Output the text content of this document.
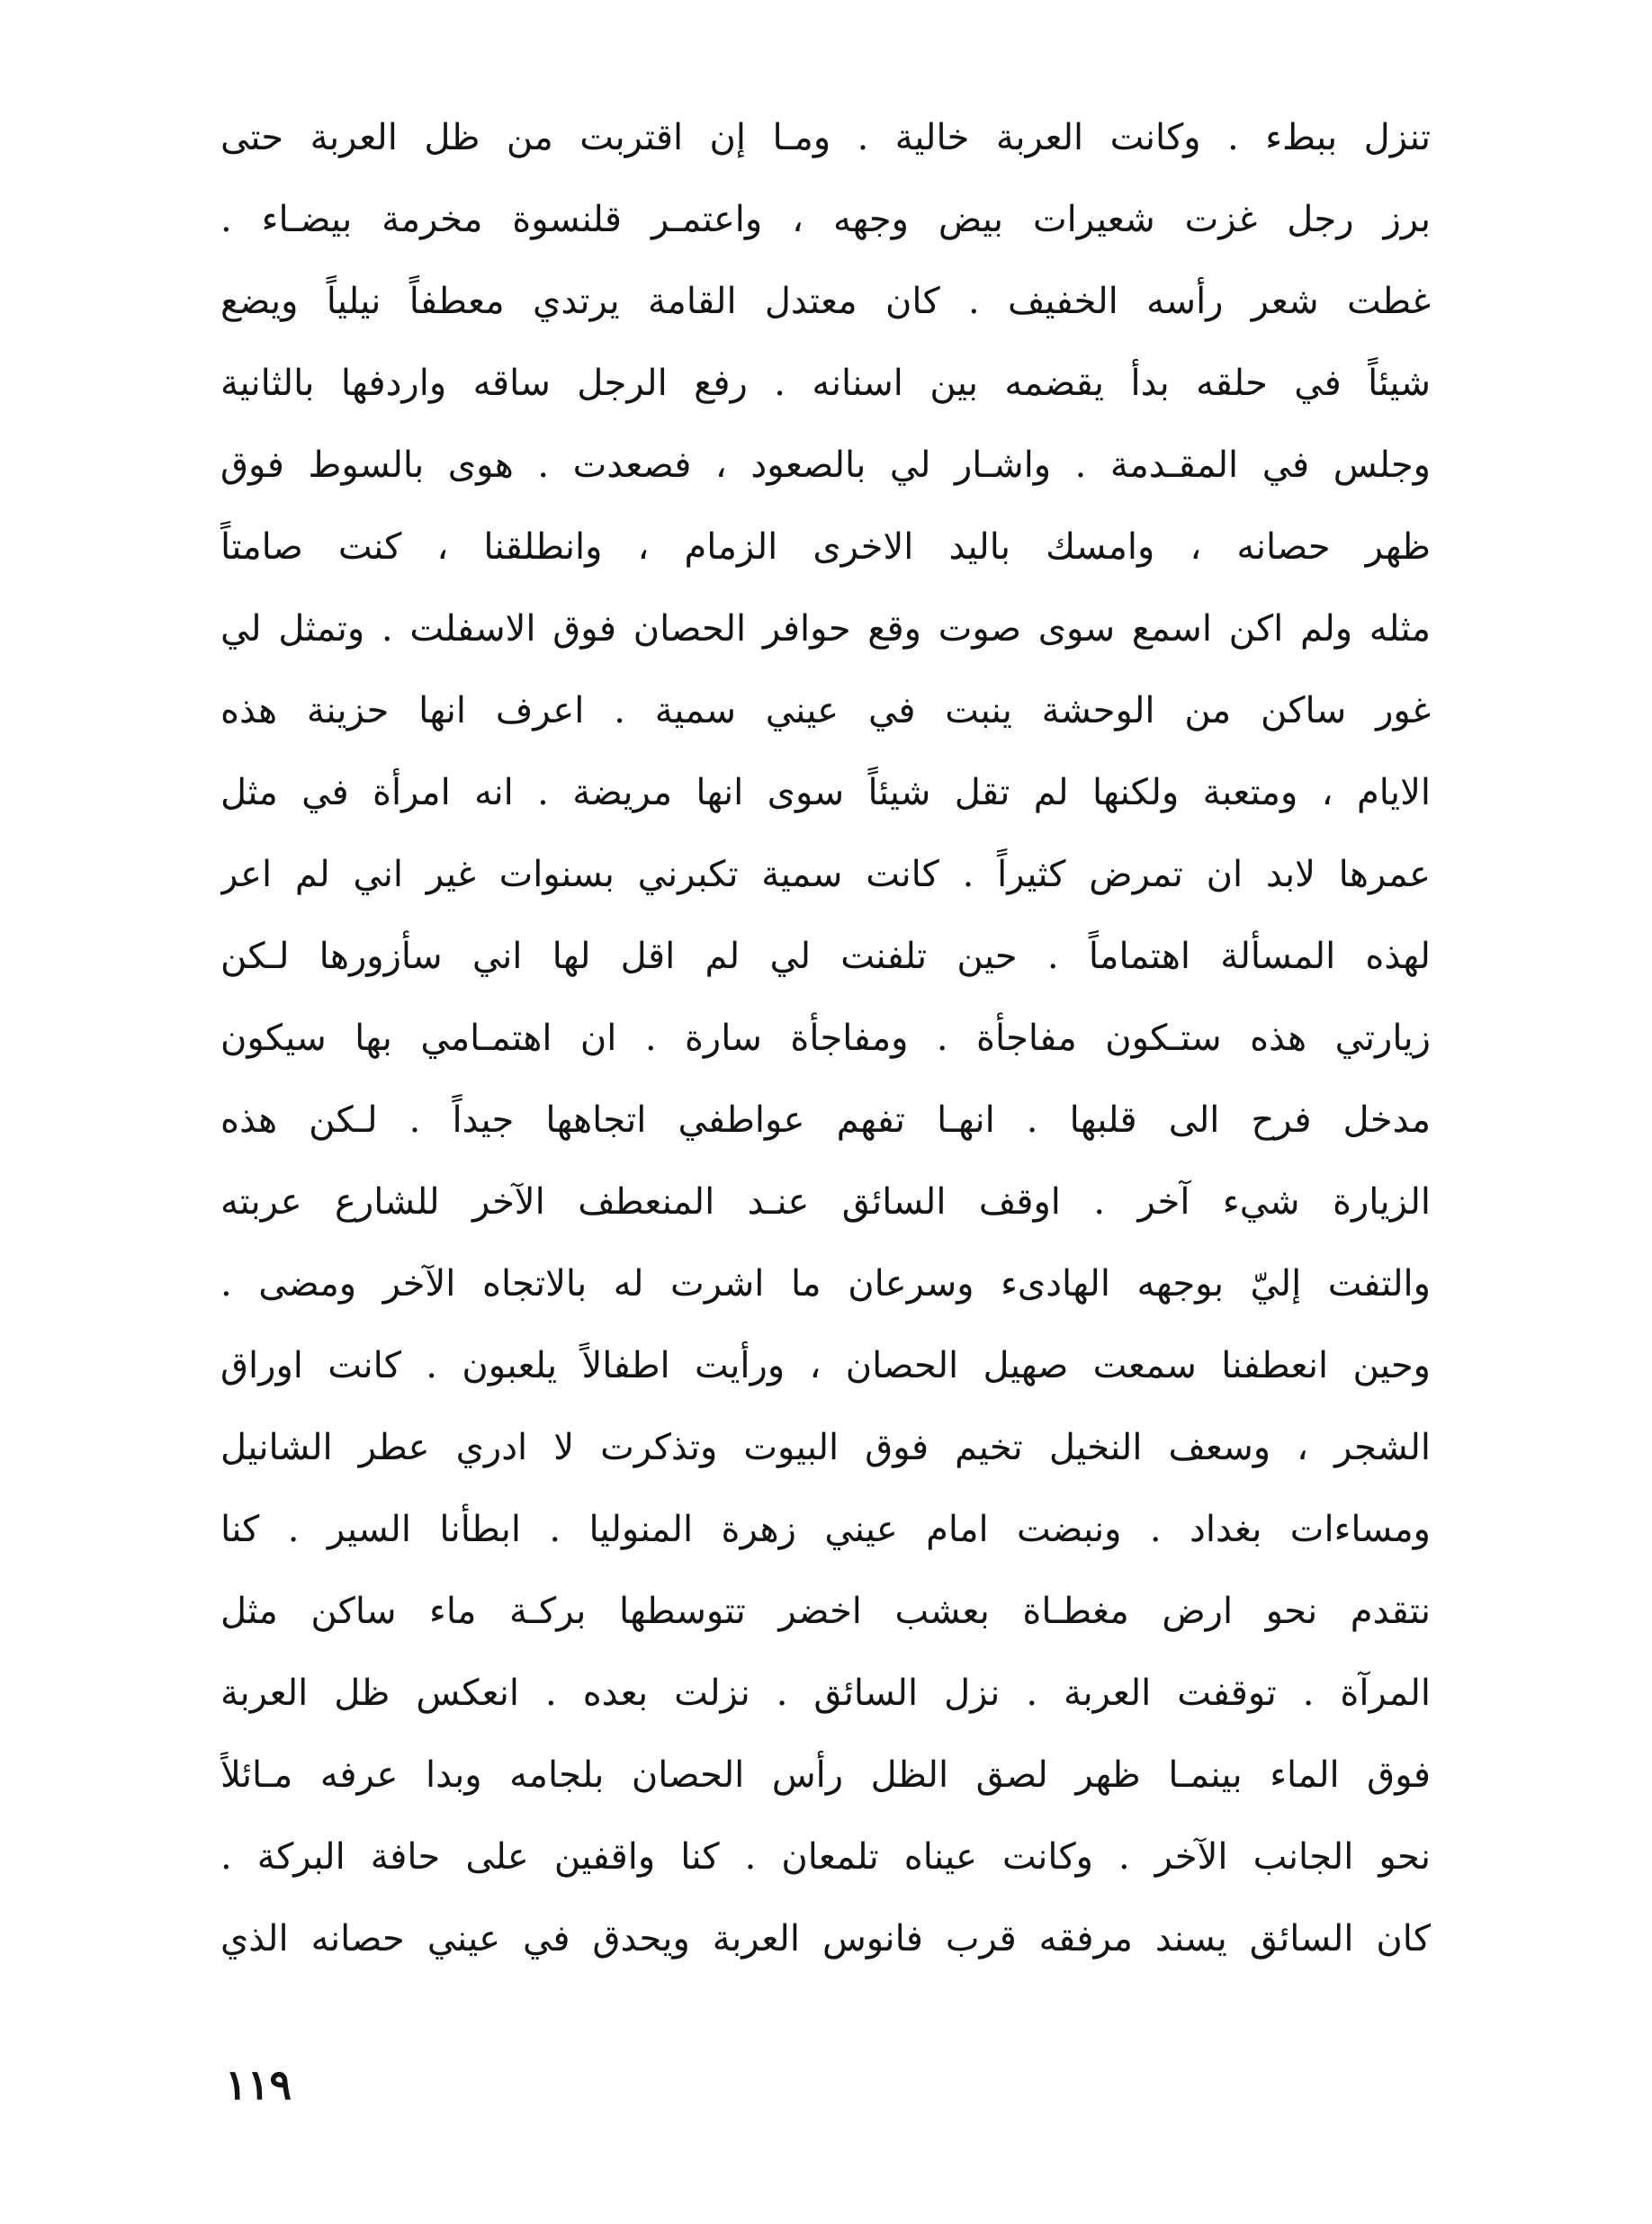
تنزل ببطء . وكانت العربة خالية . ومـا إن اقتربت من ظل العربة حتى
برز رجل غزت شعيرات بيض وجهه ، واعتمـر قلنسوة مخرمة بيضـاء .
غطت شعر رأسه الخفيف . كان معتدل القامة يرتدي معطفاً نيلياً ويضع
شيئاً في حلقه بدأ يقضمه بين اسنانه . رفع الرجل ساقه واردفها بالثانية
وجلس في المقـدمة . واشـار لي بالصعود ، فصعدت . هوى بالسوط فوق
ظهر حصانه ، وامسك باليد الاخرى الزمام ، وانطلقنا ، كنت صامتاً
مثله ولم اكن اسمع سوى صوت وقع حوافر الحصان فوق الاسفلت . وتمثل لي
غور ساكن من الوحشة ينبت في عيني سمية . اعرف انها حزينة هذه
الايام ، ومتعبة ولكنها لم تقل شيئاً سوى انها مريضة . انه امرأة في مثل
عمرها لابد ان تمرض كثيراً . كانت سمية تكبرني بسنوات غير اني لم اعر
لهذه المسألة اهتماماً . حين تلفنت لي لم اقل لها اني سأزورها لـكن
زيارتي هذه ستـكون مفاجأة . ومفاجأة سارة . ان اهتمـامي بها سيكون
مدخل فرح الى قلبها . انهـا تفهم عواطفي اتجاهها جيداً . لـكن هذه
الزيارة شيء آخر . اوقف السائق عنـد المنعطف الآخر للشارع عربته
والتفت إليّ بوجهه الهادىء وسرعان ما اشرت له بالاتجاه الآخر ومضى .
وحين انعطفنا سمعت صهيل الحصان ، ورأيت اطفالاً يلعبون . كانت اوراق
الشجر ، وسعف النخيل تخيم فوق البيوت وتذكرت لا ادري عطر الشانيل
ومساءات بغداد . ونبضت امام عيني زهرة المنوليا . ابطأنا السير . كنا
نتقدم نحو ارض مغطـاة بعشب اخضر تتوسطها بركـة ماء ساكن مثل
المرآة . توقفت العربة . نزل السائق . نزلت بعده . انعكس ظل العربة
فوق الماء بينمـا ظهر لصق الظل رأس الحصان بلجامه وبدا عرفه مـائلاً
نحو الجانب الآخر . وكانت عيناه تلمعان . كنا واقفين على حافة البركة .
كان السائق يسند مرفقه قرب فانوس العربة ويحدق في عيني حصانه الذي
١١٩
